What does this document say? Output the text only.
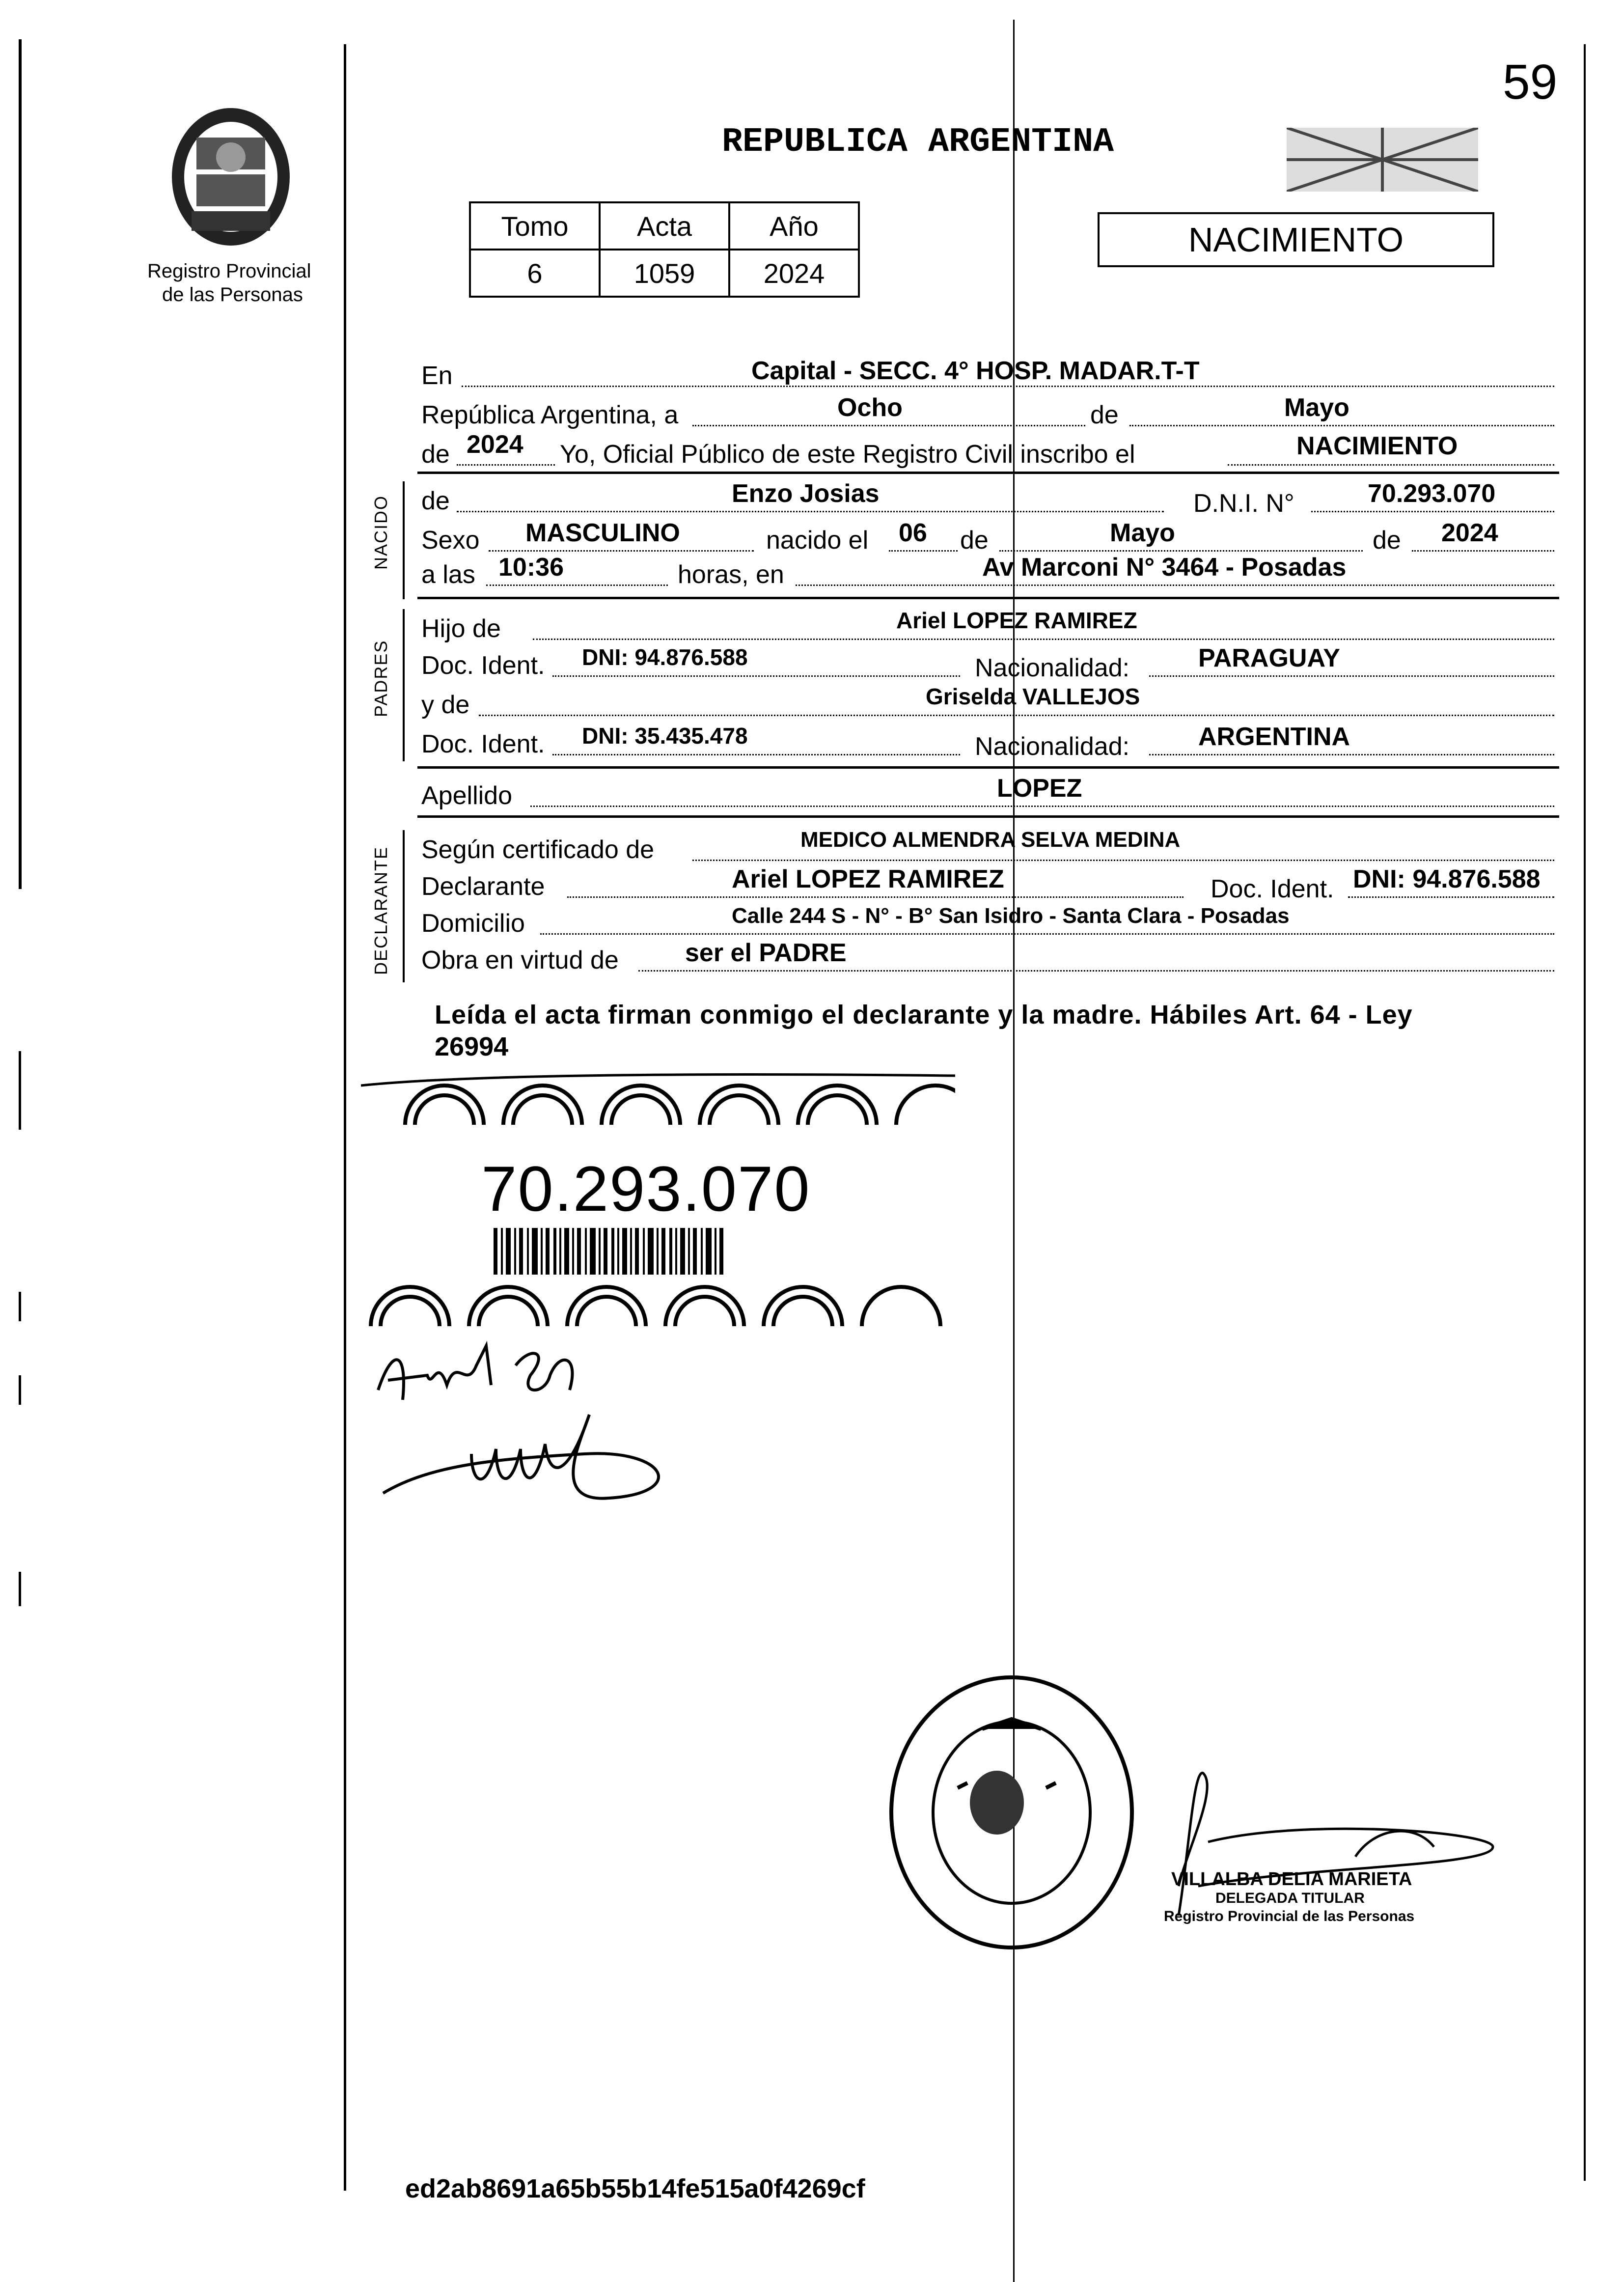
59
Registro Provincial
de las Personas
REPUBLICA ARGENTINA
Tomo	Acta	Año
6	1059	2024
NACIMIENTO
En	Capital - SECC. 4° HOSP. MADAR.T-T
República Argentina, a	Ocho	de	Mayo
de 2024 Yo, Oficial Público de este Registro Civil inscribo el	NACIMIENTO
NACIDO de	Enzo Josias	D.N.I. N°	70.293.070
Sexo MASCULINO	nacido el 06 de	Mayo	de 2024
a las 10:36	horas, en	Av Marconi N° 3464 - Posadas
PADRES
Hijo de	Ariel LOPEZ RAMIREZ
Doc. Ident. DNI: 94.876.588	Nacionalidad:	PARAGUAY
y de	Griselda VALLEJOS
Doc. Ident. DNI: 35.435.478	Nacionalidad:	ARGENTINA
Apellido	LOPEZ
DECLARANTE Según certificado de	MEDICO ALMENDRA SELVA MEDINA
Declarante	Ariel LOPEZ RAMIREZ	Doc. Ident. DNI: 94.876.588
Domicilio	Calle 244 S - N° - B° San Isidro - Santa Clara - Posadas
Obra en virtud de	ser el PADRE
Leída el acta firman conmigo el declarante y la madre. Hábiles Art. 64 - Ley
26994
70.293.070
VILLALBA DELIA MARIETA
DELEGADA TITULAR
Registro Provincial de las Personas
ed2ab8691a65b55b14fe515a0f4269cf
